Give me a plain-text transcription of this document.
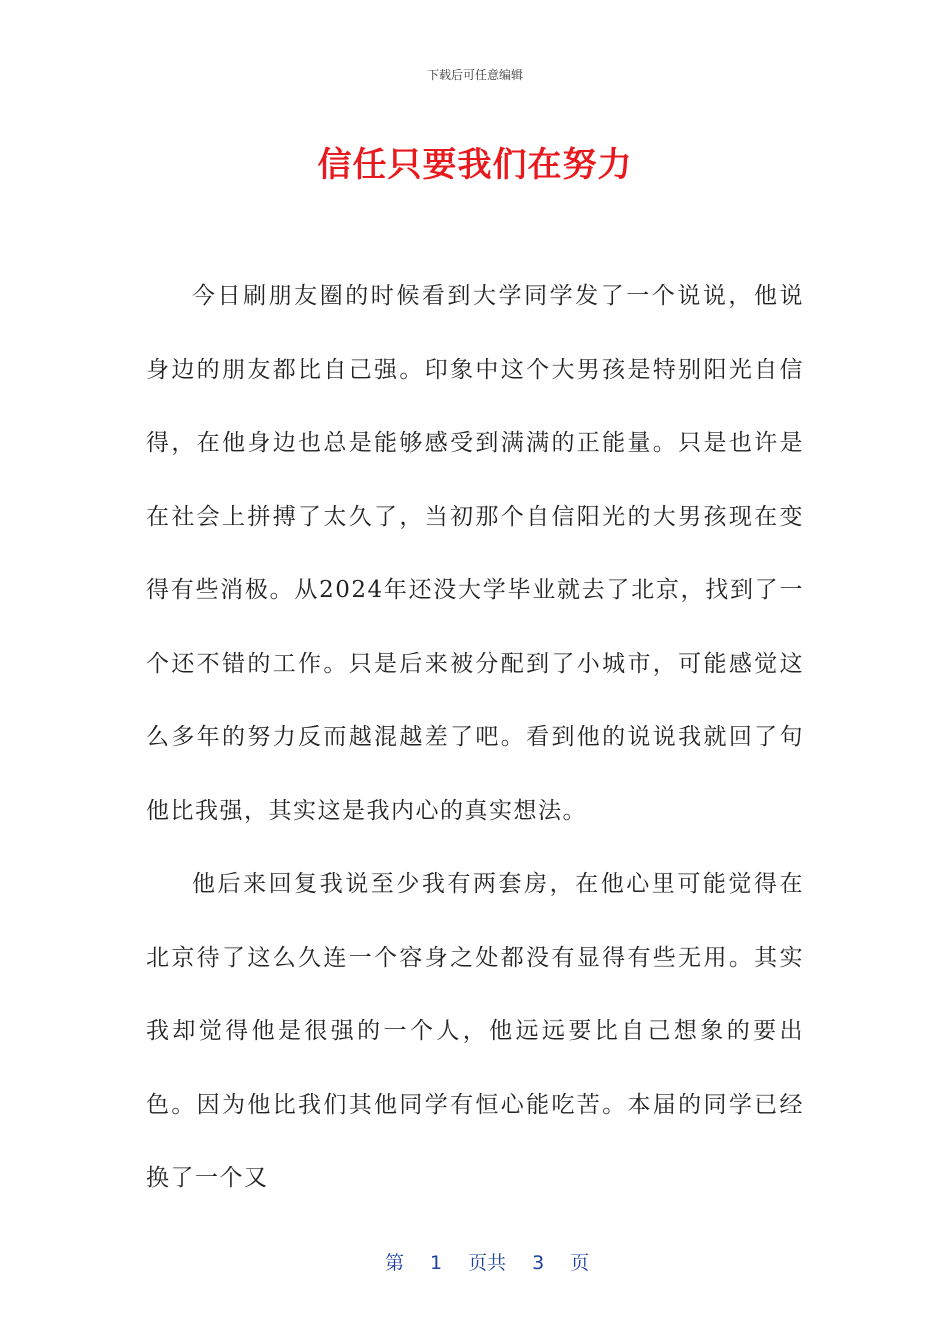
下载后可任意编辑
信任只要我们在努力

今日刷朋友圈的时候看到大学同学发了一个说说，他说身边的朋友都比自己强。印象中这个大男孩是特别阳光自信得，在他身边也总是能够感受到满满的正能量。只是也许是在社会上拼搏了太久了，当初那个自信阳光的大男孩现在变得有些消极。从2024年还没大学毕业就去了北京，找到了一个还不错的工作。只是后来被分配到了小城市，可能感觉这么多年的努力反而越混越差了吧。看到他的说说我就回了句他比我强，其实这是我内心的真实想法。

他后来回复我说至少我有两套房，在他心里可能觉得在北京待了这么久连一个容身之处都没有显得有些无用。其实我却觉得他是很强的一个人，他远远要比自己想象的要出色。因为他比我们其他同学有恒心能吃苦。本届的同学已经换了一个又

第 1 页共 3 页
